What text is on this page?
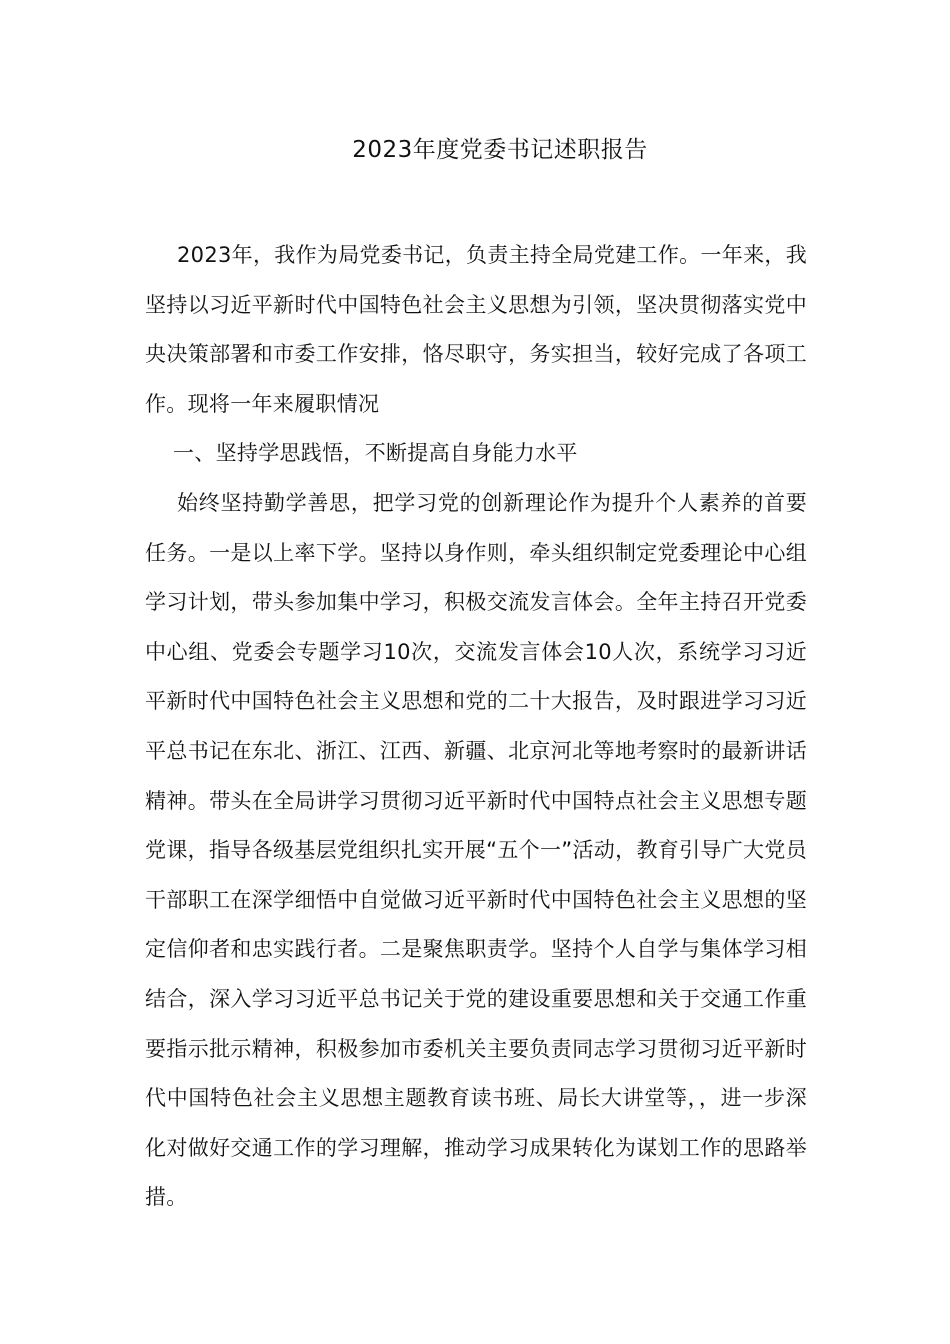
2023年度党委书记述职报告

2023年，我作为局党委书记，负责主持全局党建工作。一年来，我坚持以习近平新时代中国特色社会主义思想为引领，坚决贯彻落实党中央决策部署和市委工作安排，恪尽职守，务实担当，较好完成了各项工作。现将一年来履职情况

一、坚持学思践悟，不断提高自身能力水平

始终坚持勤学善思，把学习党的创新理论作为提升个人素养的首要任务。一是以上率下学。坚持以身作则，牵头组织制定党委理论中心组学习计划，带头参加集中学习，积极交流发言体会。全年主持召开党委中心组、党委会专题学习10次，交流发言体会10人次，系统学习习近平新时代中国特色社会主义思想和党的二十大报告，及时跟进学习习近平总书记在东北、浙江、江西、新疆、北京河北等地考察时的最新讲话精神。带头在全局讲学习贯彻习近平新时代中国特点社会主义思想专题党课，指导各级基层党组织扎实开展“五个一”活动，教育引导广大党员干部职工在深学细悟中自觉做习近平新时代中国特色社会主义思想的坚定信仰者和忠实践行者。二是聚焦职责学。坚持个人自学与集体学习相结合，深入学习习近平总书记关于党的建设重要思想和关于交通工作重要指示批示精神，积极参加市委机关主要负责同志学习贯彻习近平新时代中国特色社会主义思想主题教育读书班、局长大讲堂等，，进一步深化对做好交通工作的学习理解，推动学习成果转化为谋划工作的思路举措。
